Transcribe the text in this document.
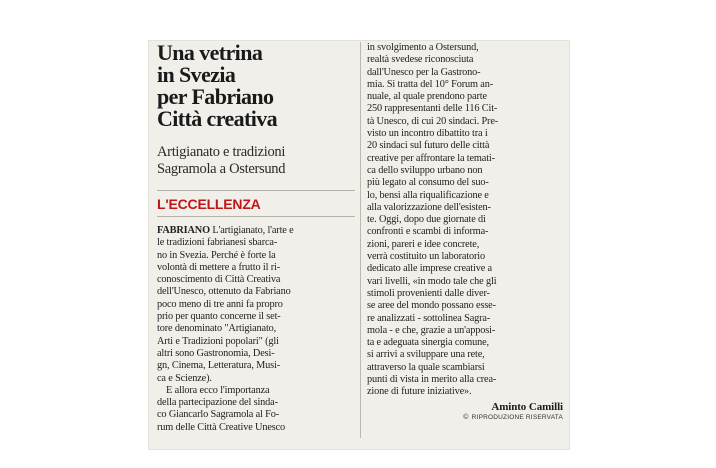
Una vetrina
in Svezia
per Fabriano
Città creativa
Artigianato e tradizioni
Sagramola a Ostersund
L'ECCELLENZA
FABRIANO L'artigianato, l'arte e
le tradizioni fabrianesi sbarca-
no in Svezia. Perché è forte la
volontà di mettere a frutto il ri-
conoscimento di Città Creativa
dell'Unesco, ottenuto da Fabriano
poco meno di tre anni fa propro
prio per quanto concerne il set-
tore denominato "Artigianato,
Arti e Tradizioni popolari" (gli
altri sono Gastronomia, Desi-
gn, Cinema, Letteratura, Musi-
ca e Scienze).
E allora ecco l'importanza
della partecipazione del sinda-
co Giancarlo Sagramola al Fo-
rum delle Città Creative Unesco
in svolgimento a Ostersund,
realtà svedese riconosciuta
dall'Unesco per la Gastrono-
mia. Si tratta del 10° Forum an-
nuale, al quale prendono parte
250 rappresentanti delle 116 Cit-
tà Unesco, di cui 20 sindaci. Pre-
visto un incontro dibattito tra i
20 sindaci sul futuro delle città
creative per affrontare la temati-
ca dello sviluppo urbano non
più legato al consumo del suo-
lo, bensì alla riqualificazione e
alla valorizzazione dell'esisten-
te. Oggi, dopo due giornate di
confronti e scambi di informa-
zioni, pareri e idee concrete,
verrà costituito un laboratorio
dedicato alle imprese creative a
vari livelli, «in modo tale che gli
stimoli provenienti dalle diver-
se aree del mondo possano esse-
re analizzati - sottolinea Sagra-
mola - e che, grazie a un'apposi-
ta e adeguata sinergia comune,
si arrivi a sviluppare una rete,
attraverso la quale scambiarsi
punti di vista in merito alla crea-
zione di future iniziative».
Aminto Camilli
© RIPRODUZIONE RISERVATA
